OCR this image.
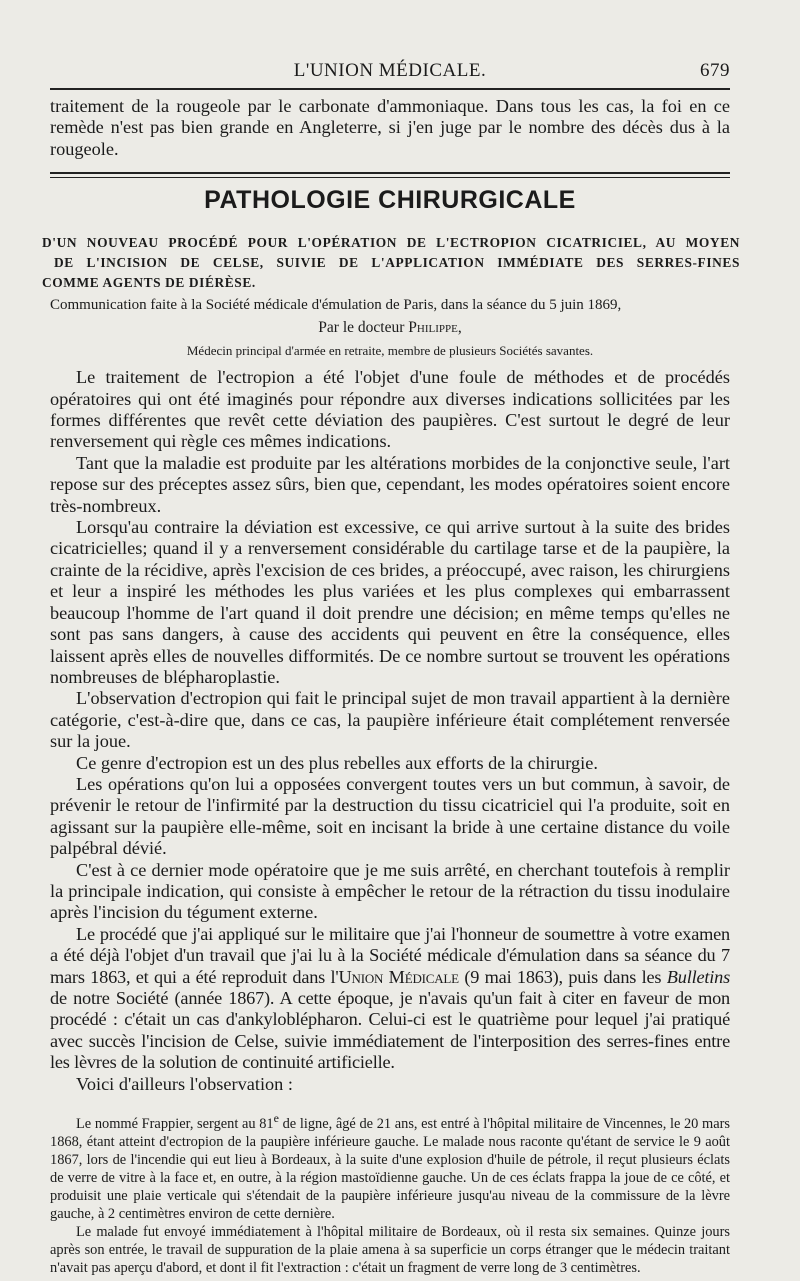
L'UNION MÉDICALE.	679

traitement de la rougeole par le carbonate d'ammoniaque. Dans tous les cas, la foi en ce remède n'est pas bien grande en Angleterre, si j'en juge par le nombre des décès dus à la rougeole.

PATHOLOGIE CHIRURGICALE
D'UN NOUVEAU PROCÉDÉ POUR L'OPÉRATION DE L'ECTROPION CICATRICIEL, AU MOYEN
DE L'INCISION DE CELSE, SUIVIE DE L'APPLICATION IMMÉDIATE DES SERRES-FINES
COMME AGENTS DE DIÉRÈSE.

Communication faite à la Société médicale d'émulation de Paris, dans la séance du 5 juin 1869,

Par le docteur Philippe,

Médecin principal d'armée en retraite, membre de plusieurs Sociétés savantes.

Le traitement de l'ectropion a été l'objet d'une foule de méthodes et de procédés opératoires qui ont été imaginés pour répondre aux diverses indications sollicitées par les formes différentes que revêt cette déviation des paupières. C'est surtout le degré de leur renversement qui règle ces mêmes indications.

Tant que la maladie est produite par les altérations morbides de la conjonctive seule, l'art repose sur des préceptes assez sûrs, bien que, cependant, les modes opératoires soient encore très-nombreux.

Lorsqu'au contraire la déviation est excessive, ce qui arrive surtout à la suite des brides cicatricielles; quand il y a renversement considérable du cartilage tarse et de la paupière, la crainte de la récidive, après l'excision de ces brides, a préoccupé, avec raison, les chirurgiens et leur a inspiré les méthodes les plus variées et les plus complexes qui embarrassent beaucoup l'homme de l'art quand il doit prendre une décision; en même temps qu'elles ne sont pas sans dangers, à cause des accidents qui peuvent en être la conséquence, elles laissent après elles de nouvelles difformités. De ce nombre surtout se trouvent les opérations nombreuses de blépharoplastie.

L'observation d'ectropion qui fait le principal sujet de mon travail appartient à la dernière catégorie, c'est-à-dire que, dans ce cas, la paupière inférieure était complétement renversée sur la joue.

Ce genre d'ectropion est un des plus rebelles aux efforts de la chirurgie.

Les opérations qu'on lui a opposées convergent toutes vers un but commun, à savoir, de prévenir le retour de l'infirmité par la destruction du tissu cicatriciel qui l'a produite, soit en agissant sur la paupière elle-même, soit en incisant la bride à une certaine distance du voile palpébral dévié.

C'est à ce dernier mode opératoire que je me suis arrêté, en cherchant toutefois à remplir la principale indication, qui consiste à empêcher le retour de la rétraction du tissu inodulaire après l'incision du tégument externe.

Le procédé que j'ai appliqué sur le militaire que j'ai l'honneur de soumettre à votre examen a été déjà l'objet d'un travail que j'ai lu à la Société médicale d'émulation dans sa séance du 7 mars 1863, et qui a été reproduit dans l'Union Médicale (9 mai 1863), puis dans les Bulletins de notre Société (année 1867). A cette époque, je n'avais qu'un fait à citer en faveur de mon procédé : c'était un cas d'ankyloblépharon. Celui-ci est le quatrième pour lequel j'ai pratiqué avec succès l'incision de Celse, suivie immédiatement de l'interposition des serres-fines entre les lèvres de la solution de continuité artificielle.

Voici d'ailleurs l'observation :

Le nommé Frappier, sergent au 81e de ligne, âgé de 21 ans, est entré à l'hôpital militaire de Vincennes, le 20 mars 1868, étant atteint d'ectropion de la paupière inférieure gauche. Le malade nous raconte qu'étant de service le 9 août 1867, lors de l'incendie qui eut lieu à Bordeaux, à la suite d'une explosion d'huile de pétrole, il reçut plusieurs éclats de verre de vitre à la face et, en outre, à la région mastoïdienne gauche. Un de ces éclats frappa la joue de ce côté, et produisit une plaie verticale qui s'étendait de la paupière inférieure jusqu'au niveau de la commissure de la lèvre gauche, à 2 centimètres environ de cette dernière.

Le malade fut envoyé immédiatement à l'hôpital militaire de Bordeaux, où il resta six semaines. Quinze jours après son entrée, le travail de suppuration de la plaie amena à sa superficie un corps étranger que le médecin traitant n'avait pas aperçu d'abord, et dont il fit l'extraction : c'était un fragment de verre long de 3 centimètres.
